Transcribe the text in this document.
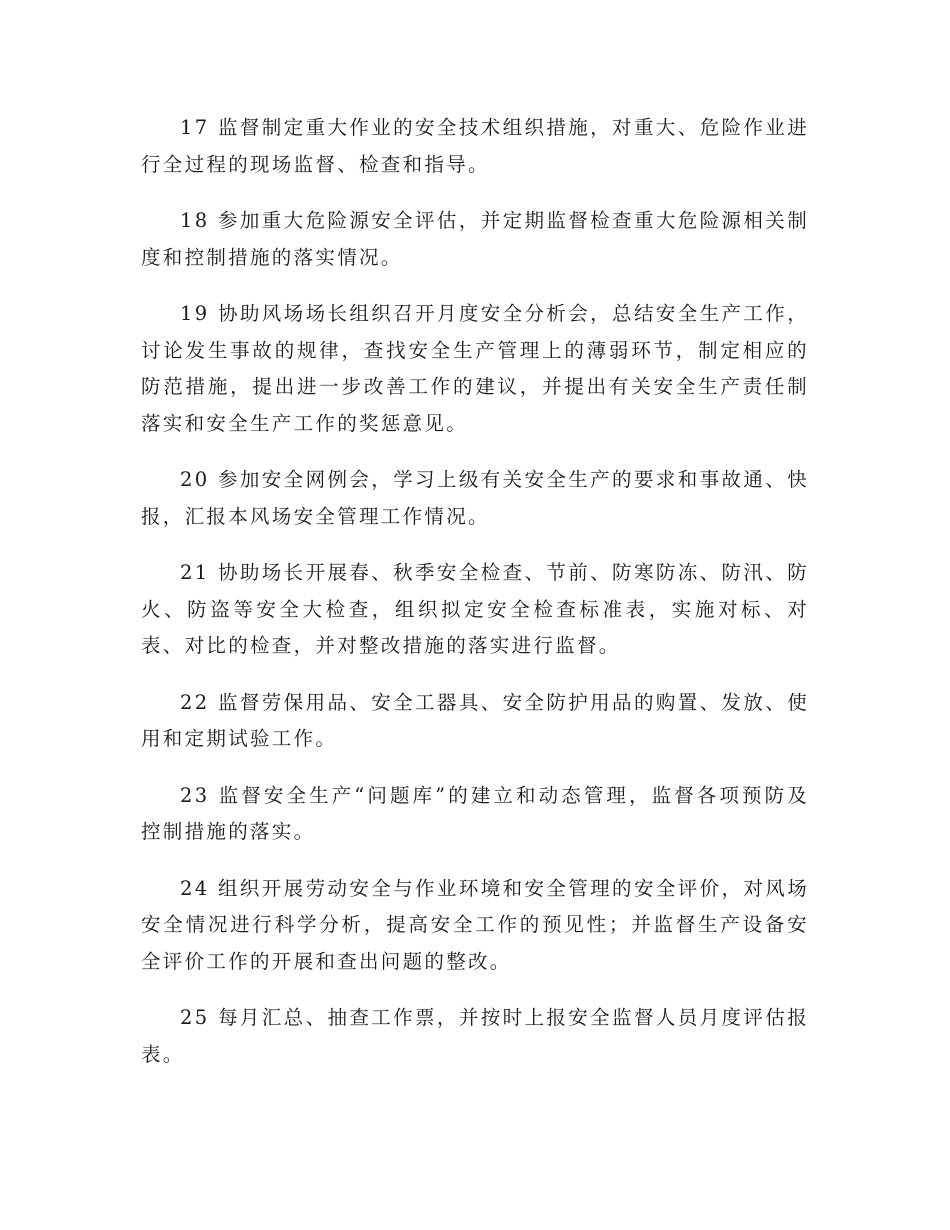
17 监督制定重大作业的安全技术组织措施，对重大、危险作业进行全过程的现场监督、检查和指导。

18 参加重大危险源安全评估，并定期监督检查重大危险源相关制度和控制措施的落实情况。

19 协助风场场长组织召开月度安全分析会，总结安全生产工作，讨论发生事故的规律，查找安全生产管理上的薄弱环节，制定相应的防范措施，提出进一步改善工作的建议，并提出有关安全生产责任制落实和安全生产工作的奖惩意见。

20 参加安全网例会，学习上级有关安全生产的要求和事故通、快报，汇报本风场安全管理工作情况。

21 协助场长开展春、秋季安全检查、节前、防寒防冻、防汛、防火、防盗等安全大检查，组织拟定安全检查标准表，实施对标、对表、对比的检查，并对整改措施的落实进行监督。

22 监督劳保用品、安全工器具、安全防护用品的购置、发放、使用和定期试验工作。

23 监督安全生产“问题库”的建立和动态管理，监督各项预防及控制措施的落实。

24 组织开展劳动安全与作业环境和安全管理的安全评价，对风场安全情况进行科学分析，提高安全工作的预见性；并监督生产设备安全评价工作的开展和查出问题的整改。

25 每月汇总、抽查工作票，并按时上报安全监督人员月度评估报表。
